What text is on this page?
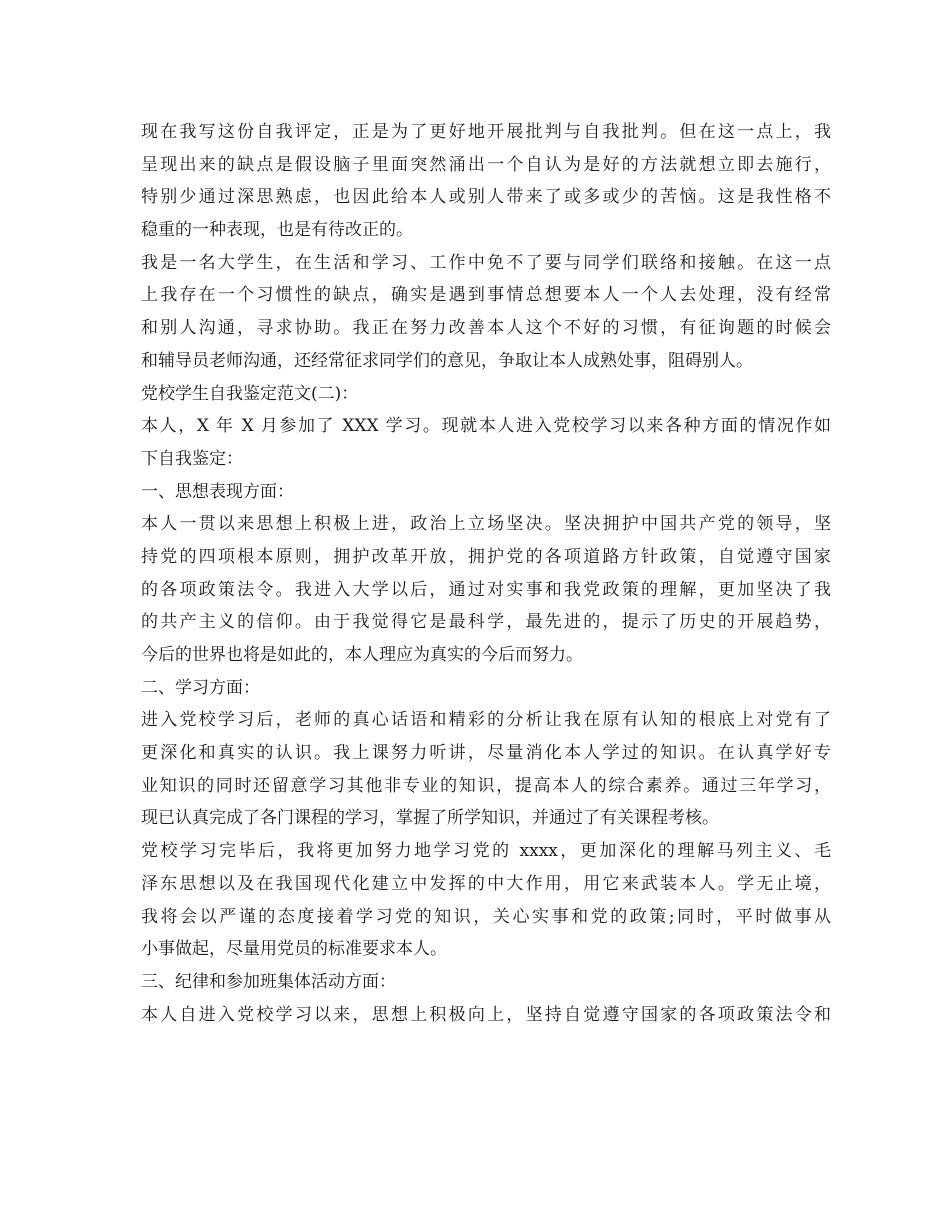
现在我写这份自我评定，正是为了更好地开展批判与自我批判。但在这一点上，我
呈现出来的缺点是假设脑子里面突然涌出一个自认为是好的方法就想立即去施行，
特别少通过深思熟虑，也因此给本人或别人带来了或多或少的苦恼。这是我性格不
稳重的一种表现，也是有待改正的。
我是一名大学生，在生活和学习、工作中免不了要与同学们联络和接触。在这一点
上我存在一个习惯性的缺点，确实是遇到事情总想要本人一个人去处理，没有经常
和别人沟通，寻求协助。我正在努力改善本人这个不好的习惯，有征询题的时候会
和辅导员老师沟通，还经常征求同学们的意见，争取让本人成熟处事，阻碍别人。
党校学生自我鉴定范文(二)：
本人，X 年 X 月参加了 XXX 学习。现就本人进入党校学习以来各种方面的情况作如
下自我鉴定：
一、思想表现方面：
本人一贯以来思想上积极上进，政治上立场坚决。坚决拥护中国共产党的领导，坚
持党的四项根本原则，拥护改革开放，拥护党的各项道路方针政策，自觉遵守国家
的各项政策法令。我进入大学以后，通过对实事和我党政策的理解，更加坚决了我
的共产主义的信仰。由于我觉得它是最科学，最先进的，提示了历史的开展趋势，
今后的世界也将是如此的，本人理应为真实的今后而努力。
二、学习方面：
进入党校学习后，老师的真心话语和精彩的分析让我在原有认知的根底上对党有了
更深化和真实的认识。我上课努力听讲，尽量消化本人学过的知识。在认真学好专
业知识的同时还留意学习其他非专业的知识，提高本人的综合素养。通过三年学习，
现已认真完成了各门课程的学习，掌握了所学知识，并通过了有关课程考核。
党校学习完毕后，我将更加努力地学习党的 xxxx，更加深化的理解马列主义、毛
泽东思想以及在我国现代化建立中发挥的中大作用，用它来武装本人。学无止境，
我将会以严谨的态度接着学习党的知识，关心实事和党的政策;同时，平时做事从
小事做起，尽量用党员的标准要求本人。
三、纪律和参加班集体活动方面：
本人自进入党校学习以来，思想上积极向上，坚持自觉遵守国家的各项政策法令和
